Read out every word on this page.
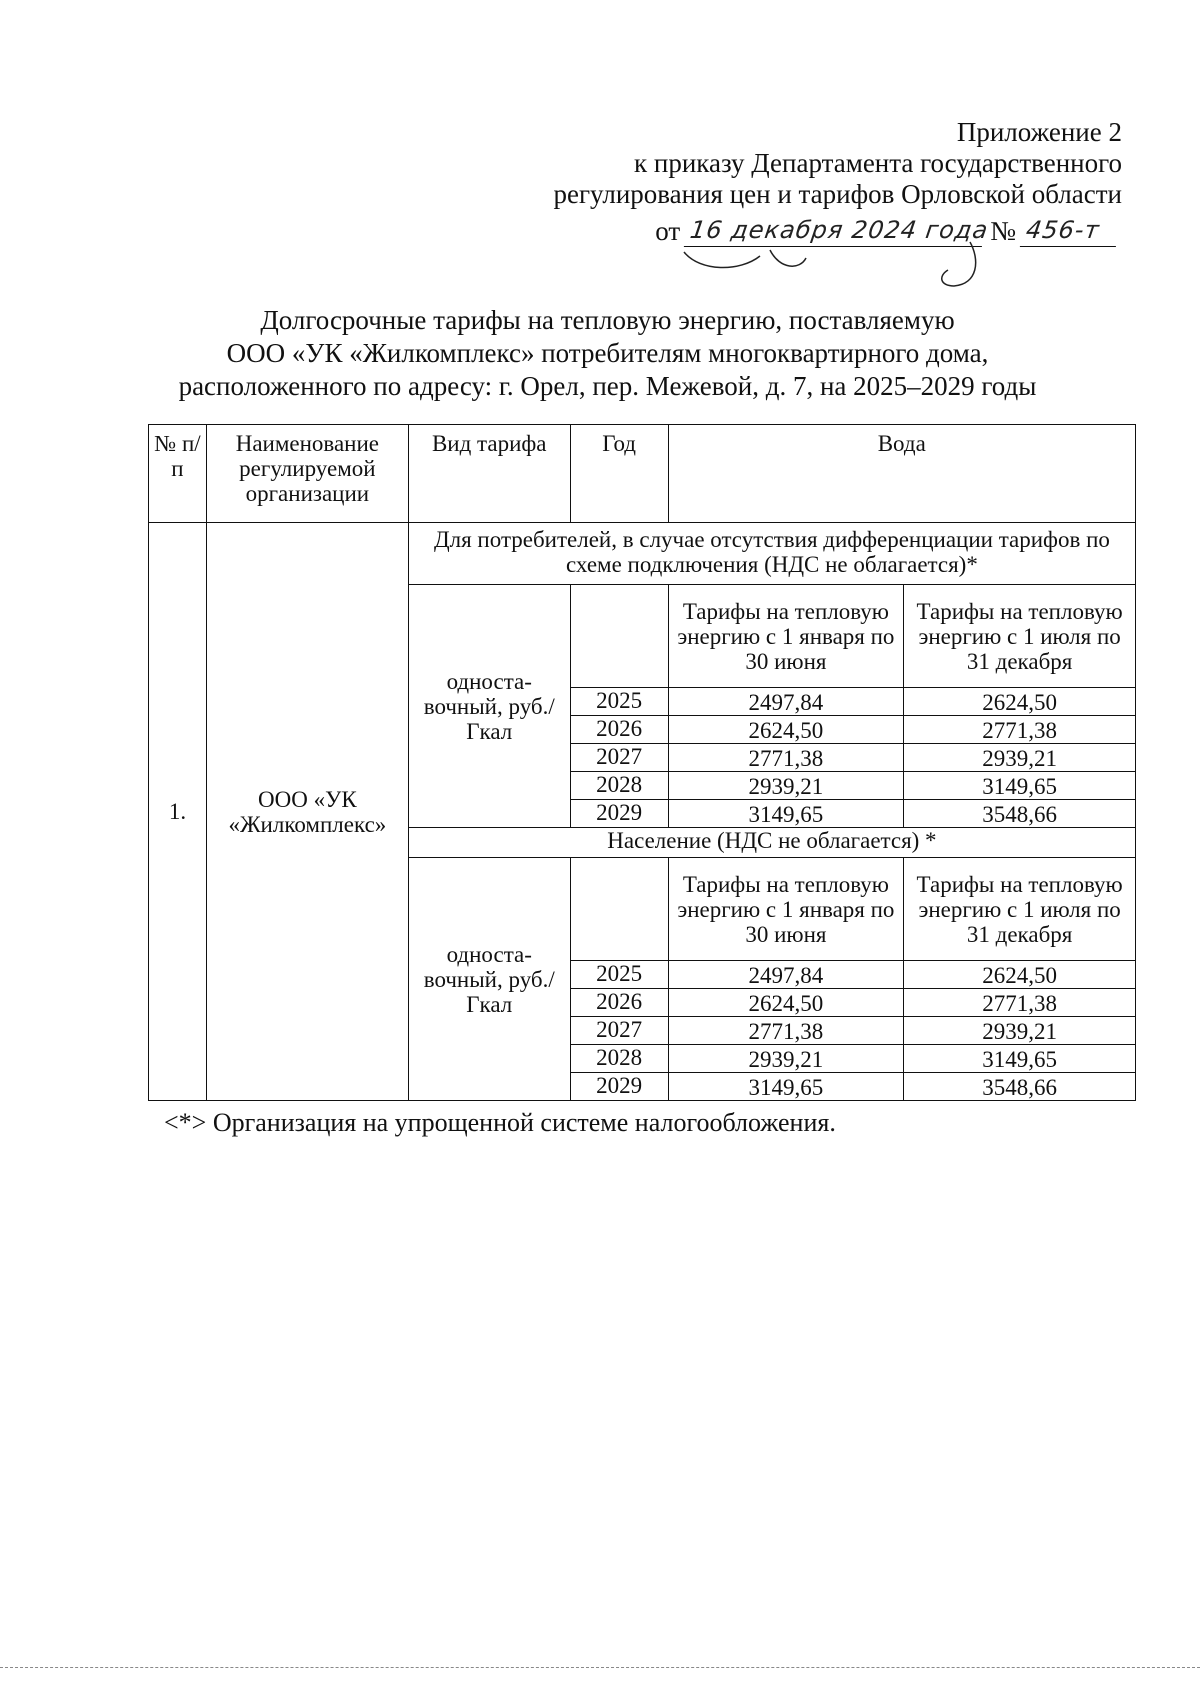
Приложение 2
к приказу Департамента государственного
регулирования цен и тарифов Орловской области
от 16 декабря 2024 года № 456-т
Долгосрочные тарифы на тепловую энергию, поставляемую
ООО «УК «Жилкомплекс» потребителям многоквартирного дома,
расположенного по адресу: г. Орел, пер. Межевой, д. 7, на 2025–2029 годы
№ п/п	Наименование регулируемой организации	Вид тарифа	Год	Вода	
1.	ООО «УК «Жилкомплекс»	Для потребителей, в случае отсутствия дифференциации тарифов по схеме подключения (НДС не облагается)*			
		односта-вочный, руб./Гкал		Тарифы на тепловую энергию с 1 января по 30 июня	Тарифы на тепловую энергию с 1 июля по 31 декабря
			2025	2497,84	2624,50
			2026	2624,50	2771,38
			2027	2771,38	2939,21
			2028	2939,21	3149,65
			2029	3149,65	3548,66
		Население (НДС не облагается) *			
		односта-вочный, руб./Гкал		Тарифы на тепловую энергию с 1 января по 30 июня	Тарифы на тепловую энергию с 1 июля по 31 декабря
			2025	2497,84	2624,50
			2026	2624,50	2771,38
			2027	2771,38	2939,21
			2028	2939,21	3149,65
			2029	3149,65	3548,66
<*> Организация на упрощенной системе налогообложения.
